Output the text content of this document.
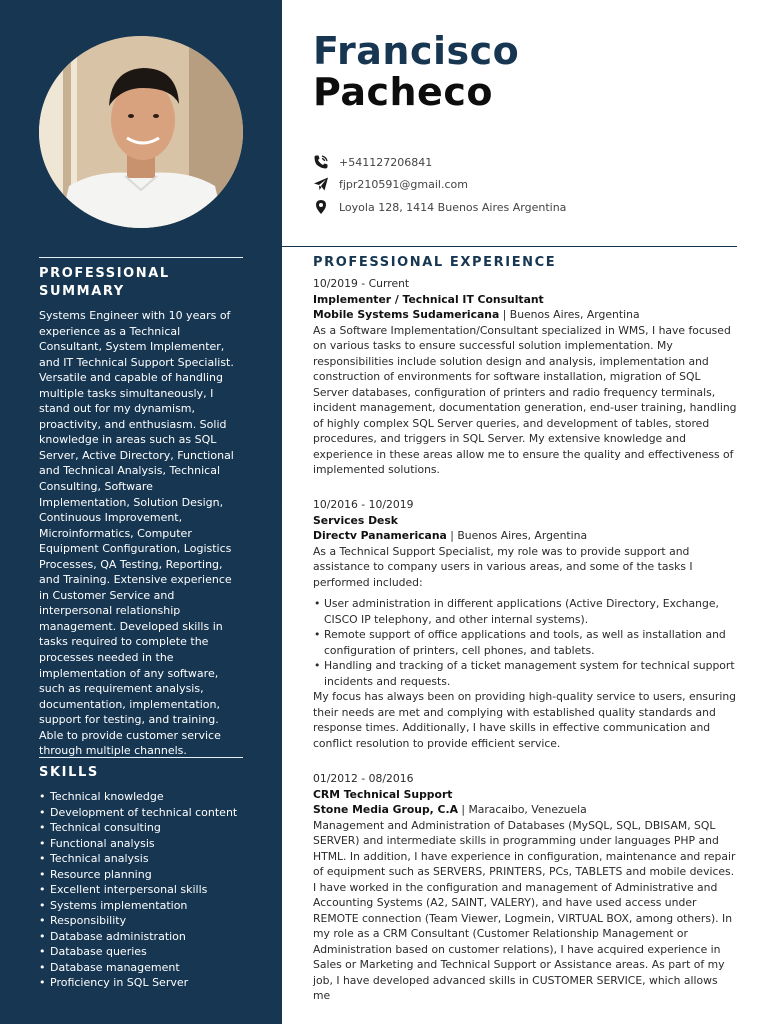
PROFESSIONAL
SUMMARY

Systems Engineer with 10 years of experience as a Technical Consultant, System Implementer, and IT Technical Support Specialist. Versatile and capable of handling multiple tasks simultaneously, I stand out for my dynamism, proactivity, and enthusiasm. Solid knowledge in areas such as SQL Server, Active Directory, Functional and Technical Analysis, Technical Consulting, Software Implementation, Solution Design, Continuous Improvement, Microinformatics, Computer Equipment Configuration, Logistics Processes, QA Testing, Reporting, and Training. Extensive experience in Customer Service and interpersonal relationship management. Developed skills in tasks required to complete the processes needed in the implementation of any software, such as requirement analysis, documentation, implementation, support for testing, and training. Able to provide customer service through multiple channels.

SKILLS
• Technical knowledge
• Development of technical content
• Technical consulting
• Functional analysis
• Technical analysis
• Resource planning
• Excellent interpersonal skills
• Systems implementation
• Responsibility
• Database administration
• Database queries
• Database management
• Proficiency in SQL Server
Francisco
Pacheco
+541127206841
fjpr210591@gmail.com
Loyola 128, 1414 Buenos Aires Argentina
PROFESSIONAL EXPERIENCE
10/2019 - Current
Implementer / Technical IT Consultant
Mobile Systems Sudamericana | Buenos Aires, Argentina

As a Software Implementation/Consultant specialized in WMS, I have focused on various tasks to ensure successful solution implementation. My responsibilities include solution design and analysis, implementation and construction of environments for software installation, migration of SQL Server databases, configuration of printers and radio frequency terminals, incident management, documentation generation, end-user training, handling of highly complex SQL Server queries, and development of tables, stored procedures, and triggers in SQL Server. My extensive knowledge and experience in these areas allow me to ensure the quality and effectiveness of implemented solutions.

10/2016 - 10/2019
Services Desk
Directv Panamericana | Buenos Aires, Argentina

As a Technical Support Specialist, my role was to provide support and assistance to company users in various areas, and some of the tasks I performed included:

• User administration in different applications (Active Directory, Exchange, CISCO IP telephony, and other internal systems).
• Remote support of office applications and tools, as well as installation and configuration of printers, cell phones, and tablets.
• Handling and tracking of a ticket management system for technical support incidents and requests.

My focus has always been on providing high-quality service to users, ensuring their needs are met and complying with established quality standards and response times. Additionally, I have skills in effective communication and conflict resolution to provide efficient service.

01/2012 - 08/2016
CRM Technical Support
Stone Media Group, C.A | Maracaibo, Venezuela

Management and Administration of Databases (MySQL, SQL, DBISAM, SQL SERVER) and intermediate skills in programming under languages PHP and HTML. In addition, I have experience in configuration, maintenance and repair of equipment such as SERVERS, PRINTERS, PCs, TABLETS and mobile devices. I have worked in the configuration and management of Administrative and Accounting Systems (A2, SAINT, VALERY), and have used access under REMOTE connection (Team Viewer, Logmein, VIRTUAL BOX, among others). In my role as a CRM Consultant (Customer Relationship Management or Administration based on customer relations), I have acquired experience in Sales or Marketing and Technical Support or Assistance areas. As part of my job, I have developed advanced skills in CUSTOMER SERVICE, which allows me
